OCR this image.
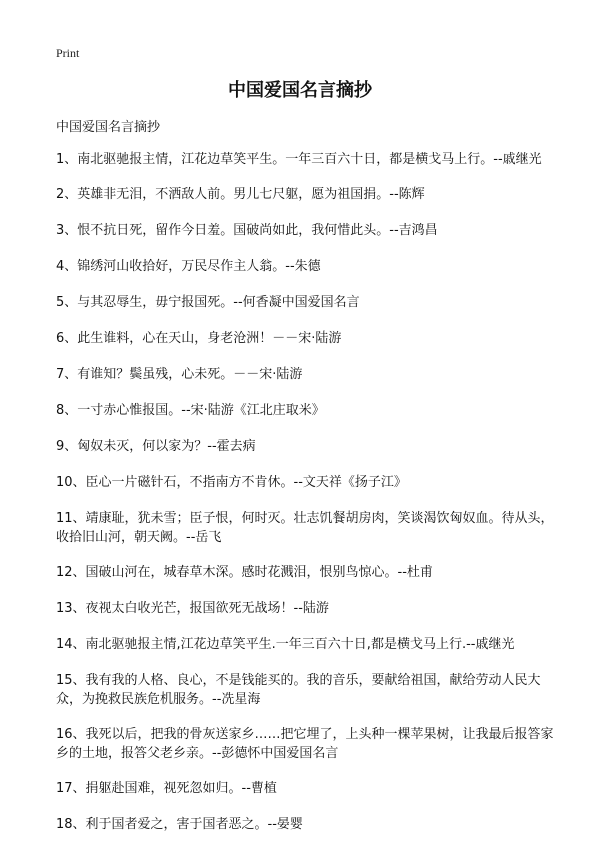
Print
中国爱国名言摘抄
中国爱国名言摘抄
1、南北驱驰报主情，江花边草笑平生。一年三百六十日，都是横戈马上行。--戚继光
2、英雄非无泪，不洒敌人前。男儿七尺躯，愿为祖国捐。--陈辉
3、恨不抗日死，留作今日羞。国破尚如此，我何惜此头。--吉鸿昌
4、锦绣河山收拾好，万民尽作主人翁。--朱德
5、与其忍辱生，毋宁报国死。--何香凝中国爱国名言
6、此生谁料，心在天山，身老沧洲！－－宋·陆游
7、有谁知？鬓虽残，心未死。－－宋·陆游
8、一寸赤心惟报国。--宋·陆游《江北庄取米》
9、匈奴未灭，何以家为？--霍去病
10、臣心一片磁针石，不指南方不肯休。--文天祥《扬子江》
11、靖康耻，犹未雪；臣子恨，何时灭。壮志饥餐胡房肉，笑谈渴饮匈奴血。待从头，收拾旧山河，朝天阙。--岳飞
12、国破山河在，城春草木深。感时花溅泪，恨别鸟惊心。--杜甫
13、夜视太白收光芒，报国欲死无战场！--陆游
14、南北驱驰报主情,江花边草笑平生.一年三百六十日,都是横戈马上行.--戚继光
15、我有我的人格、良心，不是钱能买的。我的音乐，要献给祖国，献给劳动人民大众，为挽救民族危机服务。--冼星海
16、我死以后，把我的骨灰送家乡……把它埋了，上头种一棵苹果树，让我最后报答家乡的土地，报答父老乡亲。--彭德怀中国爱国名言
17、捐躯赴国难，视死忽如归。--曹植
18、利于国者爱之，害于国者恶之。--晏婴
